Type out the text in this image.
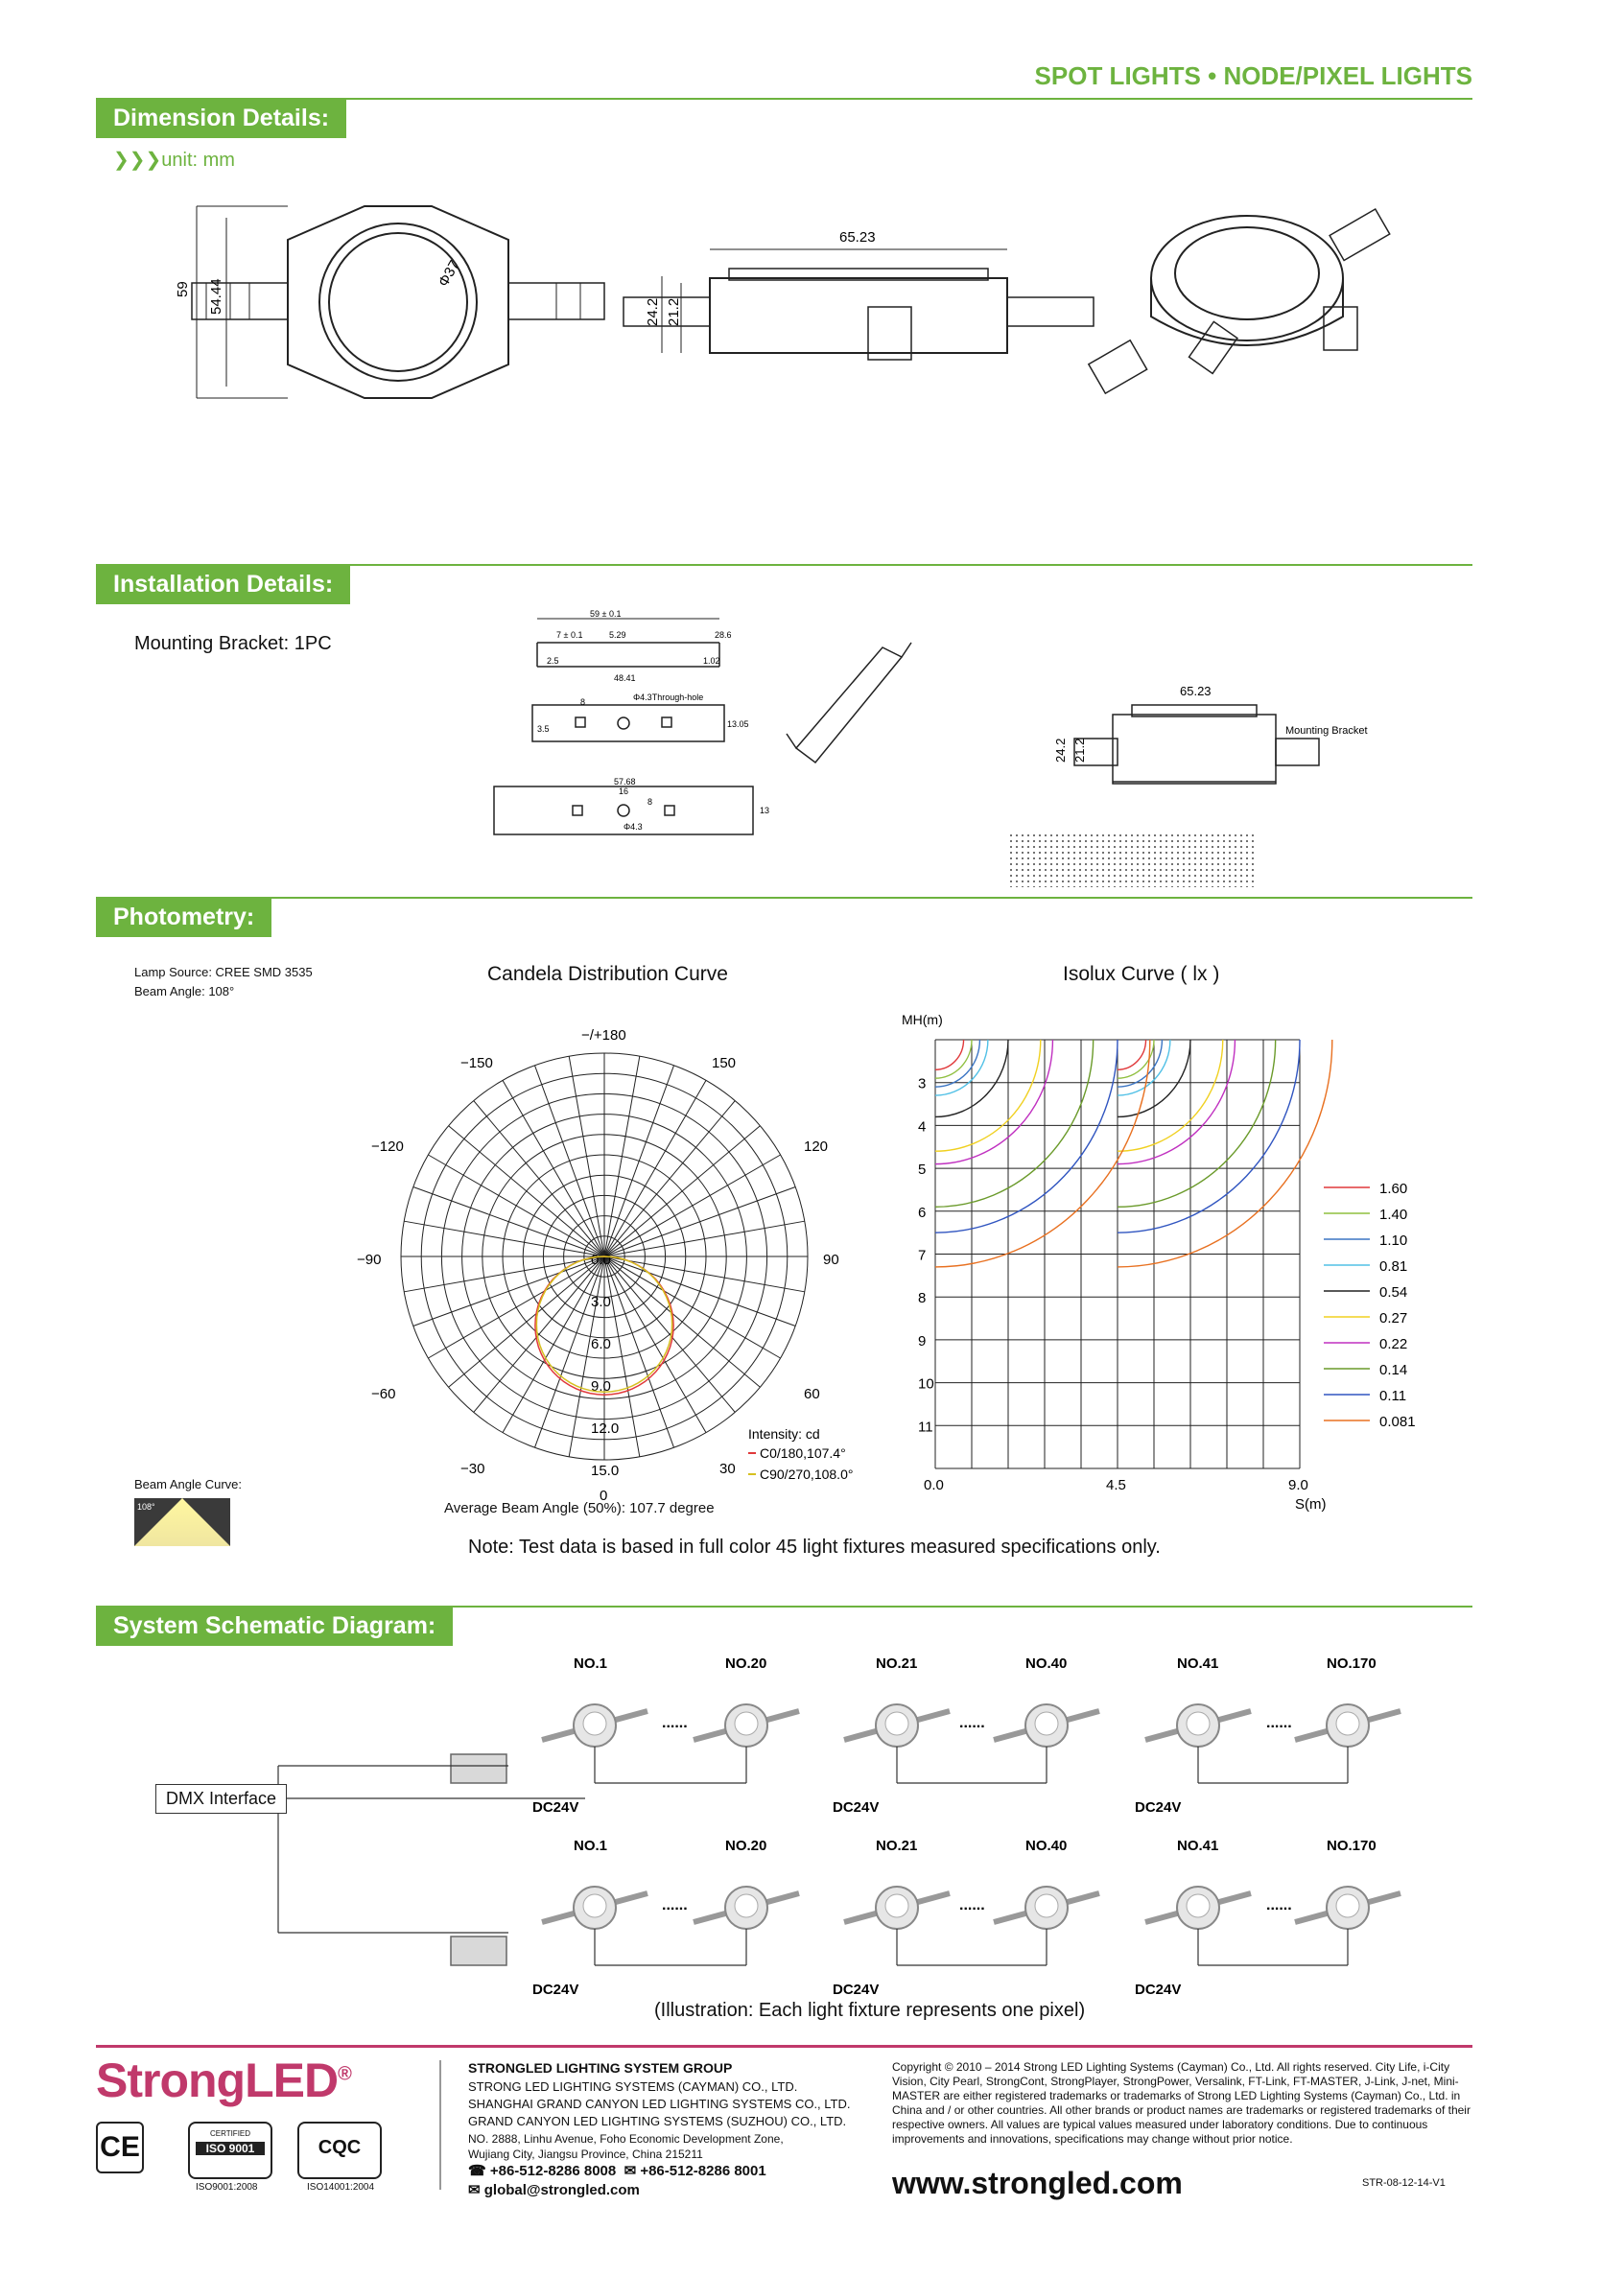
SPOT LIGHTS • NODE/PIXEL LIGHTS
Dimension Details:
❯❯❯unit: mm
59 54.44
Φ37
65.23
24.2 21.2
Installation Details:
Mounting Bracket: 1PC
59 ± 0.1
7 ± 0.1	5.29	28.6
48.41
1.02
2.5
Φ4.3Through-hole
8
13.05
3.5
57.68
16
8
Φ4.3
13
65.23
24.2 21.2
Mounting Bracket
Photometry:
Lamp Source: CREE SMD 3535
Beam Angle: 108°
Candela Distribution Curve	Isolux Curve ( lx )
−/+180
−150	150
−120	120
−90	90
−60	60
−30	30
0
0.0
3.0
6.0
9.0
12.0
15.0
Intensity: cd
C0/180,107.4°
C90/270,108.0°
Beam Angle Curve:
108°	Average Beam Angle (50%): 107.7 degree
Note: Test data is based in full color 45 light fixtures measured specifications only.
MH(m)
3
4
5
6
7
8
9
10
11
0.0	4.5	9.0
S(m)
1.60
1.40
1.10
0.81
0.54
0.27
0.22
0.14
0.11
0.081
System Schematic Diagram:
NO.1	NO.20	NO.21	NO.40	NO.41	NO.170
......	......	......
DC24V	DC24V	DC24V
NO.1	NO.20	NO.21	NO.40	NO.41	NO.170
......	......	......
DC24V	DC24V	DC24V
DMX Interface
(Illustration: Each light fixture represents one pixel)
StrongLED®
CE	CERTIFIED
ISO 9001	CQC
ISO9001:2008	ISO14001:2004
STRONGLED LIGHTING SYSTEM GROUP
STRONG LED LIGHTING SYSTEMS (CAYMAN) CO., LTD.
SHANGHAI GRAND CANYON LED LIGHTING SYSTEMS CO., LTD.
GRAND CANYON LED LIGHTING SYSTEMS (SUZHOU) CO., LTD.
NO. 2888, Linhu Avenue, Foho Economic Development Zone,
Wujiang City, Jiangsu Province, China 215211
☎ +86-512-8286 8008 ✉ +86-512-8286 8001
✉ global@strongled.com
Copyright © 2010 – 2014 Strong LED Lighting Systems (Cayman) Co., Ltd. All rights reserved. City Life, i-City Vision, City Pearl, StrongCont, StrongPlayer, StrongPower, Versalink, FT-Link, FT-MASTER, J-Link, J-net, Mini-MASTER are either registered trademarks or trademarks of Strong LED Lighting Systems (Cayman) Co., Ltd. in China and / or other countries. All other brands or product names are trademarks or registered trademarks of their respective owners. All values are typical values measured under laboratory conditions. Due to continuous improvements and innovations, specifications may change without prior notice.
www.strongled.com	STR-08-12-14-V1
